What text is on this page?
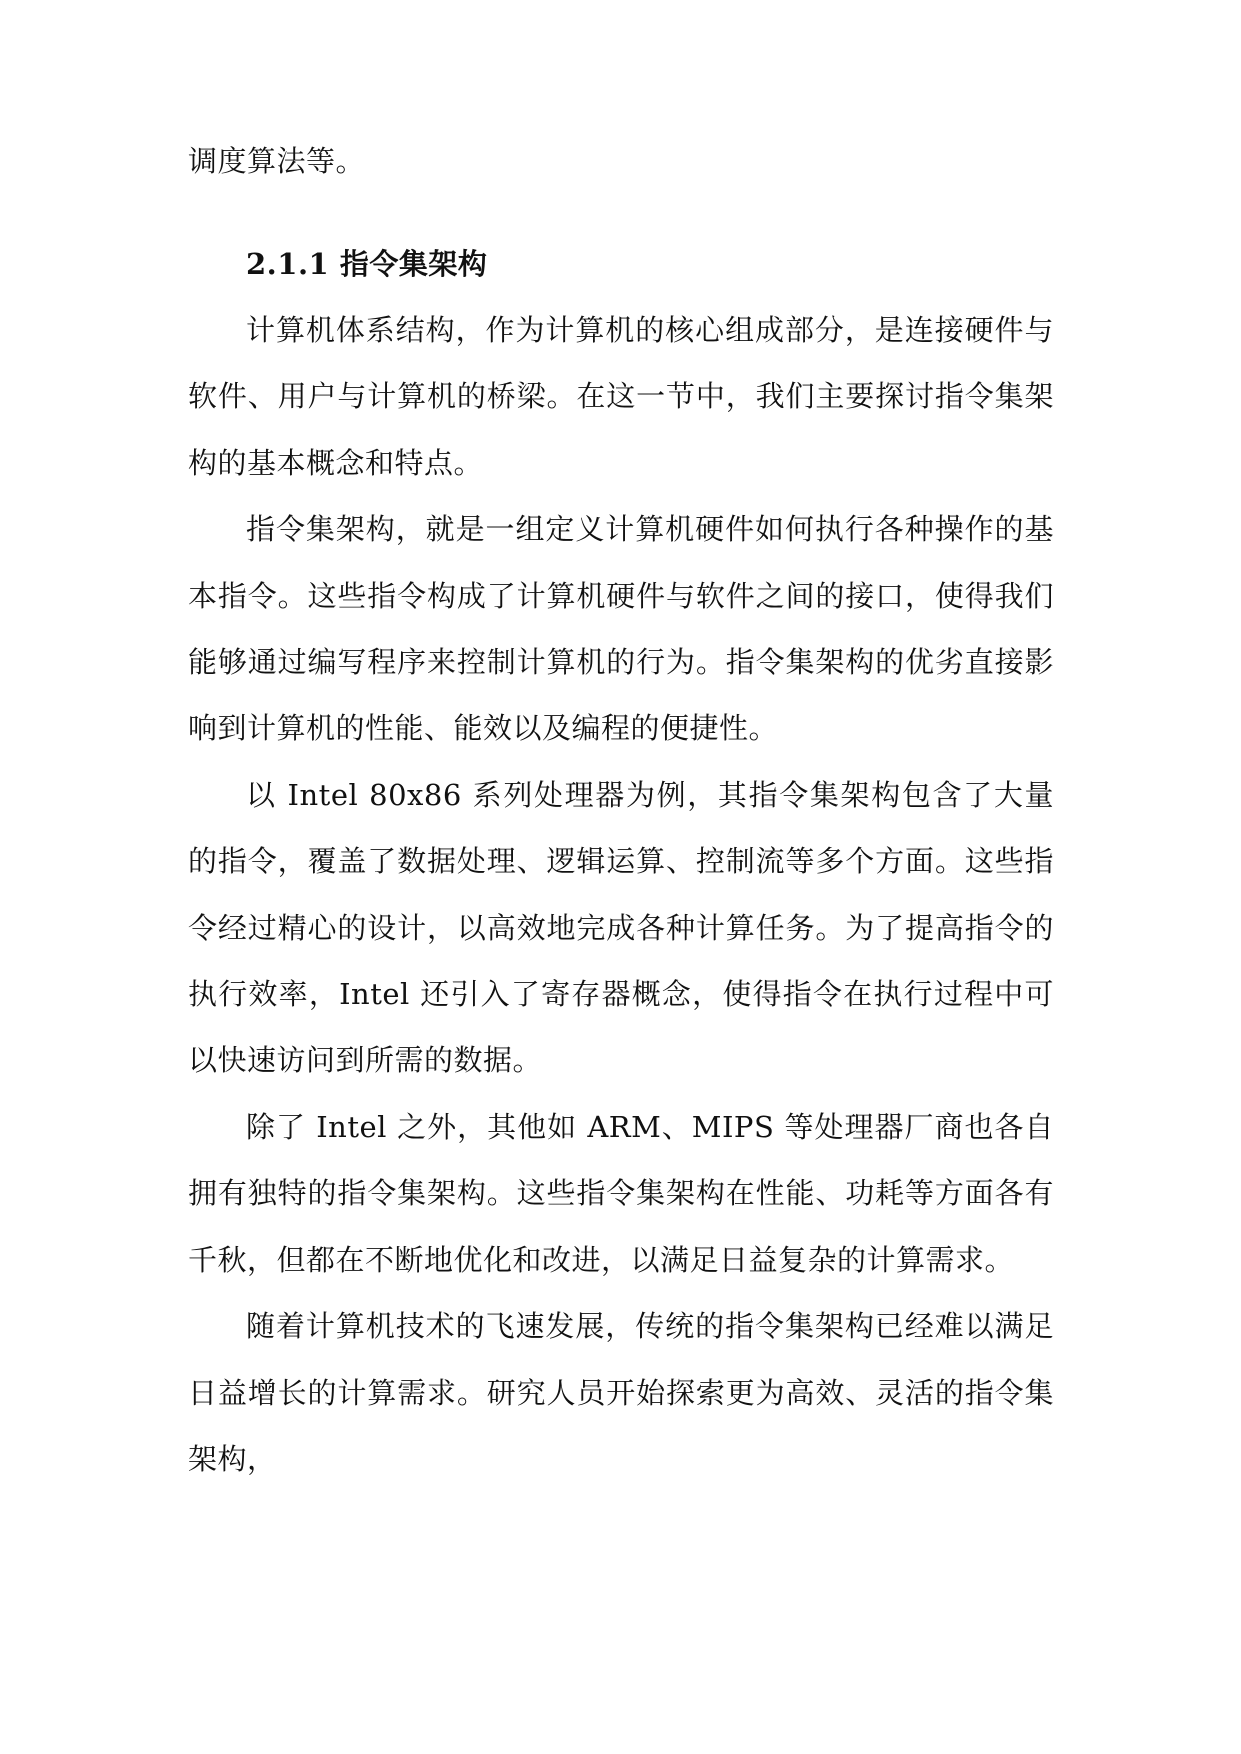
调度算法等。

2.1.1 指令集架构

计算机体系结构，作为计算机的核心组成部分，是连接硬件与软件、用户与计算机的桥梁。在这一节中，我们主要探讨指令集架构的基本概念和特点。

指令集架构，就是一组定义计算机硬件如何执行各种操作的基本指令。这些指令构成了计算机硬件与软件之间的接口，使得我们能够通过编写程序来控制计算机的行为。指令集架构的优劣直接影响到计算机的性能、能效以及编程的便捷性。

以 Intel 80x86 系列处理器为例，其指令集架构包含了大量的指令，覆盖了数据处理、逻辑运算、控制流等多个方面。这些指令经过精心的设计，以高效地完成各种计算任务。为了提高指令的执行效率，Intel 还引入了寄存器概念，使得指令在执行过程中可以快速访问到所需的数据。

除了 Intel 之外，其他如 ARM、MIPS 等处理器厂商也各自拥有独特的指令集架构。这些指令集架构在性能、功耗等方面各有千秋，但都在不断地优化和改进，以满足日益复杂的计算需求。

随着计算机技术的飞速发展，传统的指令集架构已经难以满足日益增长的计算需求。研究人员开始探索更为高效、灵活的指令集架构，
